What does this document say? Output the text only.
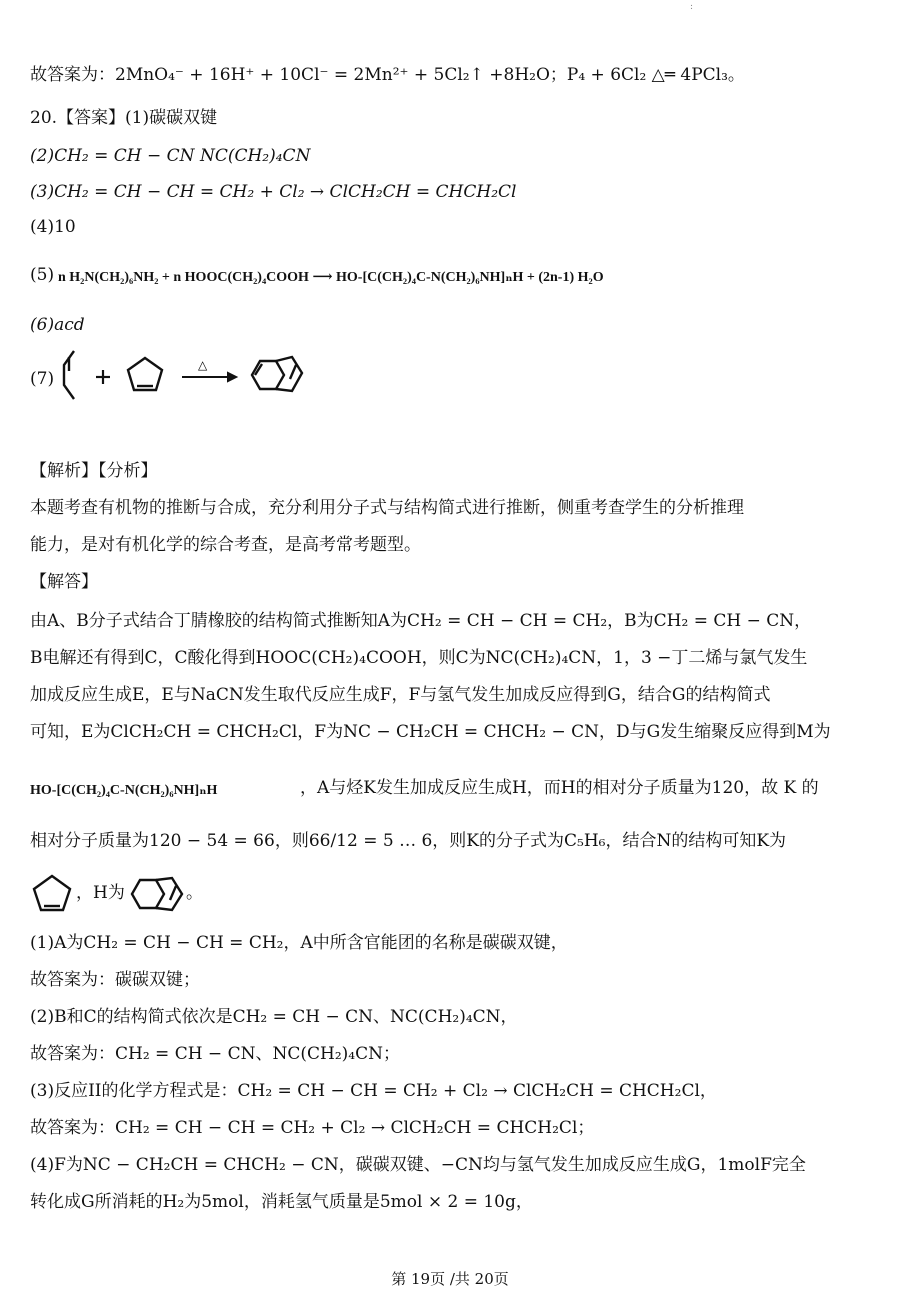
:
故答案为：2MnO₄⁻ + 16H⁺ + 10Cl⁻ = 2Mn²⁺ + 5Cl₂↑ +8H₂O；P₄ + 6Cl₂ △═ 4PCl₃。
20.【答案】(1)碳碳双键
(2)CH₂ = CH − CN NC(CH₂)₄CN
(3)CH₂ = CH − CH = CH₂ + Cl₂ → ClCH₂CH = CHCH₂Cl
(4)10
(5) n H₂N(CH₂)₆NH₂ + n HOOC(CH₂)₄COOH ⟶ HO-[C(CH₂)₄C-N(CH₂)₆NH]ₙH + (2n-1) H₂O
(6)acd
(7)
△
【解析】【分析】
本题考查有机物的推断与合成，充分利用分子式与结构简式进行推断，侧重考查学生的分析推理
能力，是对有机化学的综合考查，是高考常考题型。
【解答】
由A、B分子式结合丁腈橡胶的结构简式推断知A为CH₂ = CH − CH = CH₂，B为CH₂ = CH − CN，
B电解还有得到C，C酸化得到HOOC(CH₂)₄COOH，则C为NC(CH₂)₄CN，1，3 −丁二烯与氯气发生
加成反应生成E，E与NaCN发生取代反应生成F，F与氢气发生加成反应得到G，结合G的结构简式
可知，E为ClCH₂CH = CHCH₂Cl，F为NC − CH₂CH = CHCH₂ − CN，D与G发生缩聚反应得到M为
HO-[C(CH₂)₄C-N(CH₂)₆NH]ₙH	，A与烃K发生加成反应生成H，而H的相对分子质量为120，故 K 的
相对分子质量为120 − 54 = 66，则66/12 = 5 … 6，则K的分子式为C₅H₆，结合N的结构可知K为
，H为	。
(1)A为CH₂ = CH − CH = CH₂，A中所含官能团的名称是碳碳双键，
故答案为：碳碳双键；
(2)B和C的结构简式依次是CH₂ = CH − CN、NC(CH₂)₄CN，
故答案为：CH₂ = CH − CN、NC(CH₂)₄CN；
(3)反应II的化学方程式是：CH₂ = CH − CH = CH₂ + Cl₂ → ClCH₂CH = CHCH₂Cl，
故答案为：CH₂ = CH − CH = CH₂ + Cl₂ → ClCH₂CH = CHCH₂Cl；
(4)F为NC − CH₂CH = CHCH₂ − CN，碳碳双键、−CN均与氢气发生加成反应生成G，1molF完全
转化成G所消耗的H₂为5mol，消耗氢气质量是5mol × 2 = 10g，
第 19页 /共 20页
